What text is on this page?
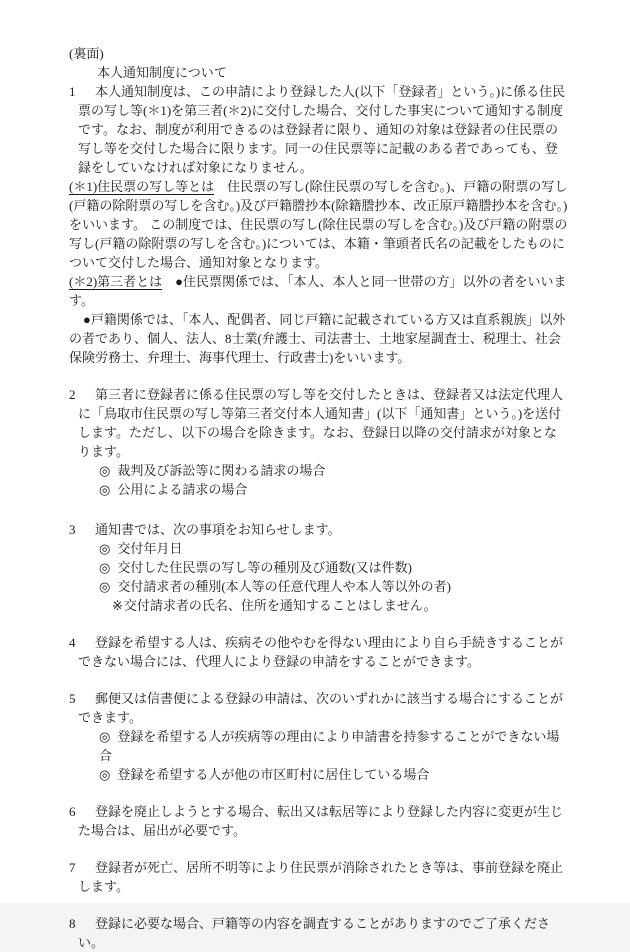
(裏面)

本人通知制度について

1 本人通知制度は、この申請により登録した人(以下「登録者」という。)に係る住民票の写し等(＊1)を第三者(＊2)に交付した場合、交付した事実について通知する制度です。なお、制度が利用できるのは登録者に限り、通知の対象は登録者の住民票の写し等を交付した場合に限ります。同一の住民票等に記載のある者であっても、登録をしていなければ対象になりません。

(＊1)住民票の写し等とは 住民票の写し(除住民票の写しを含む。)、戸籍の附票の写し(戸籍の除附票の写しを含む。)及び戸籍謄抄本(除籍謄抄本、改正原戸籍謄抄本を含む。)をいいます。 この制度では、住民票の写し(除住民票の写しを含む。)及び戸籍の附票の写し(戸籍の除附票の写しを含む。)については、本籍・筆頭者氏名の記載をしたものについて交付した場合、通知対象となります。

(＊2)第三者とは ●住民票関係では、「本人、本人と同一世帯の方」以外の者をいいます。

●戸籍関係では、「本人、配偶者、同じ戸籍に記載されている方又は直系親族」以外の者であり、個人、法人、8士業(弁護士、司法書士、土地家屋調査士、税理士、社会保険労務士、弁理士、海事代理士、行政書士)をいいます。

2 第三者に登録者に係る住民票の写し等を交付したときは、登録者又は法定代理人に「鳥取市住民票の写し等第三者交付本人通知書」(以下「通知書」という。)を送付します。ただし、以下の場合を除きます。なお、登録日以降の交付請求が対象となります。

◎ 裁判及び訴訟等に関わる請求の場合

◎ 公用による請求の場合

3 通知書では、次の事項をお知らせします。

◎ 交付年月日

◎ 交付した住民票の写し等の種別及び通数(又は件数)

◎ 交付請求者の種別(本人等の任意代理人や本人等以外の者)

※交付請求者の氏名、住所を通知することはしません。

4 登録を希望する人は、疾病その他やむを得ない理由により自ら手続きすることができない場合には、代理人により登録の申請をすることができます。

5 郵便又は信書便による登録の申請は、次のいずれかに該当する場合にすることができます。

◎ 登録を希望する人が疾病等の理由により申請書を持参することができない場合

◎ 登録を希望する人が他の市区町村に居住している場合

6 登録を廃止しようとする場合、転出又は転居等により登録した内容に変更が生じた場合は、届出が必要です。

7 登録者が死亡、居所不明等により住民票が消除されたとき等は、事前登録を廃止します。

8 登録に必要な場合、戸籍等の内容を調査することがありますのでご了承ください。
